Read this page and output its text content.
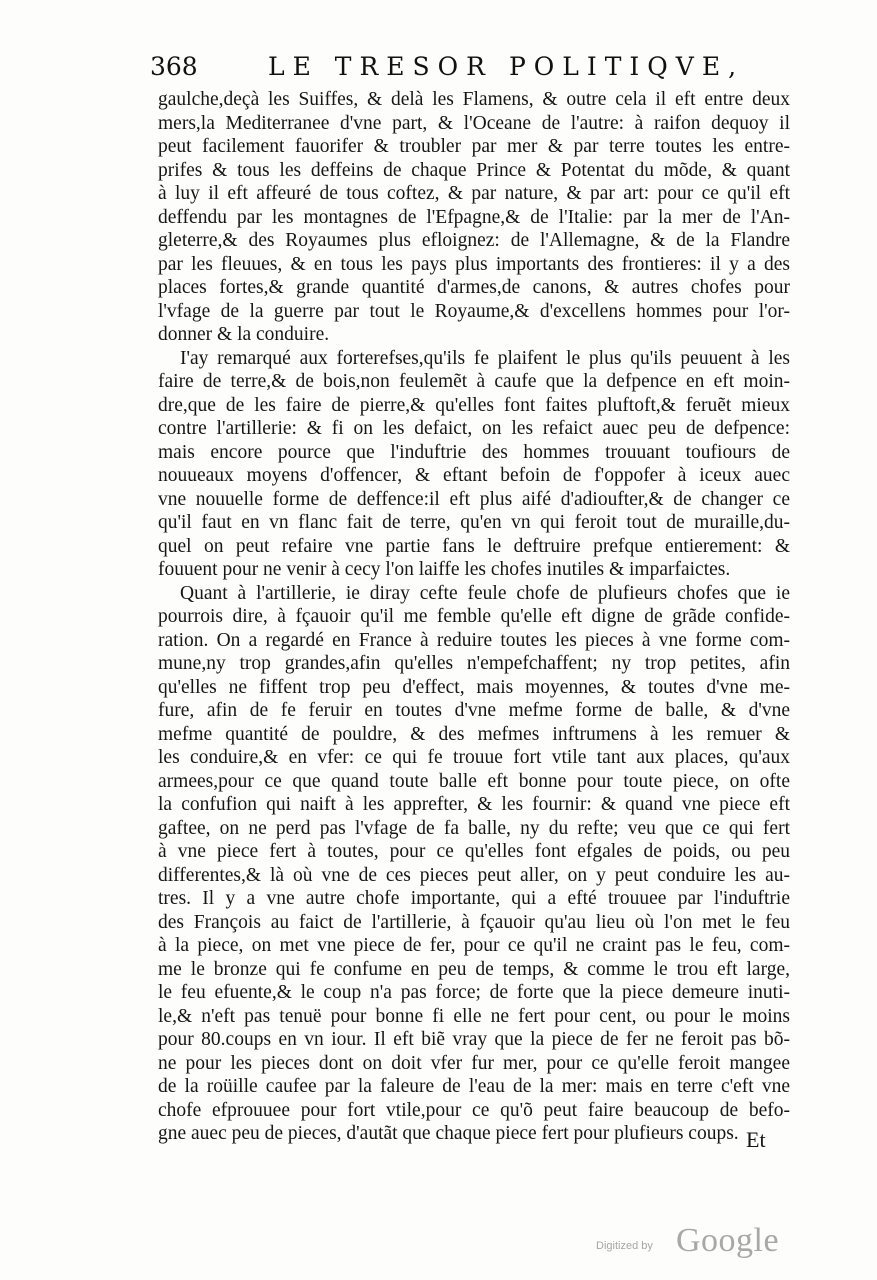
368	LE TRESOR POLITIQVE,
gaulche,deçà les Suiffes, & delà les Flamens, & outre cela il eft entre deux
mers,la Mediterranee d'vne part, & l'Oceane de l'autre: à raifon dequoy il
peut facilement fauorifer & troubler par mer & par terre toutes les entre-
prifes & tous les deffeins de chaque Prince & Potentat du mõde, & quant
à luy il eft affeuré de tous coftez, & par nature, & par art: pour ce qu'il eft
deffendu par les montagnes de l'Efpagne,& de l'Italie: par la mer de l'An-
gleterre,& des Royaumes plus efloignez: de l'Allemagne, & de la Flandre
par les fleuues, & en tous les pays plus importants des frontieres: il y a des
places fortes,& grande quantité d'armes,de canons, & autres chofes pour
l'vfage de la guerre par tout le Royaume,& d'excellens hommes pour l'or-
donner & la conduire.
I'ay remarqué aux forterefses,qu'ils fe plaifent le plus qu'ils peuuent à les
faire de terre,& de bois,non feulemẽt à caufe que la defpence en eft moin-
dre,que de les faire de pierre,& qu'elles font faites pluftoft,& feruẽt mieux
contre l'artillerie: & fi on les defaict, on les refaict auec peu de defpence:
mais encore pource que l'induftrie des hommes trouuant toufiours de
nouueaux moyens d'offencer, & eftant befoin de f'oppofer à iceux auec
vne nouuelle forme de deffence:il eft plus aifé d'adioufter,& de changer ce
qu'il faut en vn flanc fait de terre, qu'en vn qui feroit tout de muraille,du-
quel on peut refaire vne partie fans le deftruire prefque entierement: &
fouuent pour ne venir à cecy l'on laiffe les chofes inutiles & imparfaictes.
Quant à l'artillerie, ie diray cefte feule chofe de plufieurs chofes que ie
pourrois dire, à fçauoir qu'il me femble qu'elle eft digne de grãde confide-
ration. On a regardé en France à reduire toutes les pieces à vne forme com-
mune,ny trop grandes,afin qu'elles n'empefchaffent; ny trop petites, afin
qu'elles ne fiffent trop peu d'effect, mais moyennes, & toutes d'vne me-
fure, afin de fe feruir en toutes d'vne mefme forme de balle, & d'vne
mefme quantité de pouldre, & des mefmes inftrumens à les remuer &
les conduire,& en vfer: ce qui fe trouue fort vtile tant aux places, qu'aux
armees,pour ce que quand toute balle eft bonne pour toute piece, on ofte
la confufion qui naift à les apprefter, & les fournir: & quand vne piece eft
gaftee, on ne perd pas l'vfage de fa balle, ny du refte; veu que ce qui fert
à vne piece fert à toutes, pour ce qu'elles font efgales de poids, ou peu
differentes,& là où vne de ces pieces peut aller, on y peut conduire les au-
tres. Il y a vne autre chofe importante, qui a efté trouuee par l'induftrie
des François au faict de l'artillerie, à fçauoir qu'au lieu où l'on met le feu
à la piece, on met vne piece de fer, pour ce qu'il ne craint pas le feu, com-
me le bronze qui fe confume en peu de temps, & comme le trou eft large,
le feu efuente,& le coup n'a pas force; de forte que la piece demeure inuti-
le,& n'eft pas tenuë pour bonne fi elle ne fert pour cent, ou pour le moins
pour 80.coups en vn iour. Il eft biẽ vray que la piece de fer ne feroit pas bõ-
ne pour les pieces dont on doit vfer fur mer, pour ce qu'elle feroit mangee
de la roüille caufee par la faleure de l'eau de la mer: mais en terre c'eft vne
chofe efprouuee pour fort vtile,pour ce qu'õ peut faire beaucoup de befo-
gne auec peu de pieces, d'autãt que chaque piece fert pour plufieurs coups. Et
Digitized by Google
